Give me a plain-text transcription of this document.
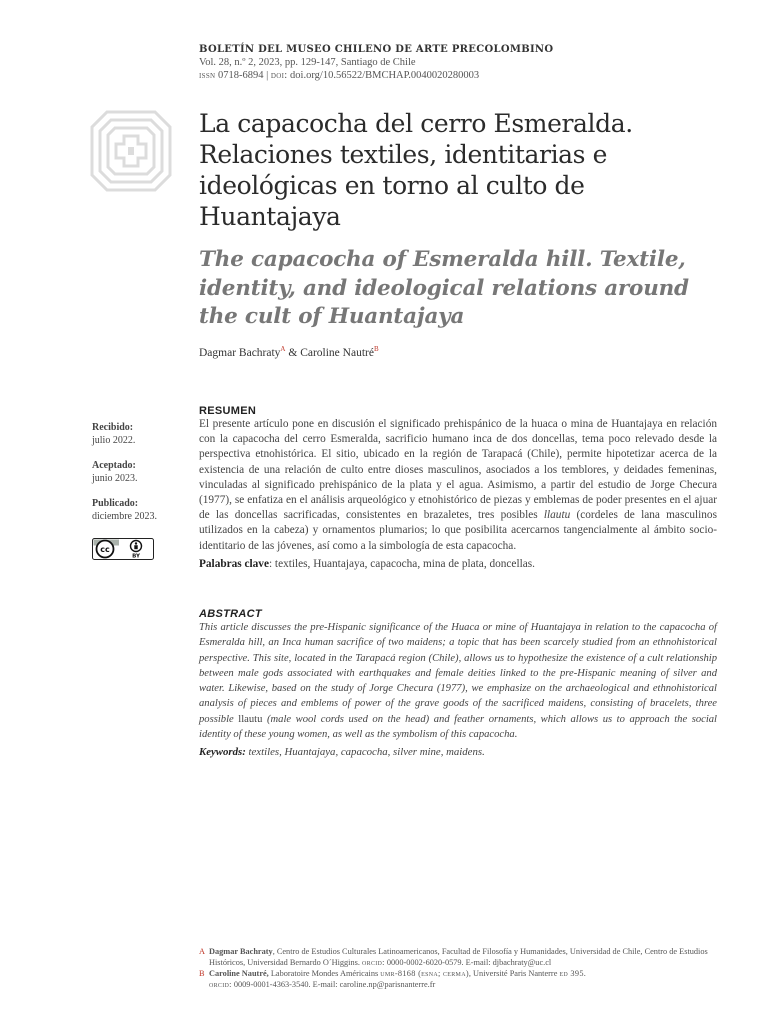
BOLETÍN DEL MUSEO CHILENO DE ARTE PRECOLOMBINO
Vol. 28, n.º 2, 2023, pp. 129-147, Santiago de Chile
issn 0718-6894 | doi: doi.org/10.56522/BMCHAP.0040020280003
La capacocha del cerro Esmeralda. Relaciones textiles, identitarias e ideológicas en torno al culto de Huantajaya
The capacocha of Esmeralda hill. Textile, identity, and ideological relations around the cult of Huantajaya
Dagmar Bachraty$^A$ & Caroline Nautré$^B$
Recibido:
julio 2022.
Aceptado:
junio 2023.
Publicado:
diciembre 2023.
cc
BY
RESUMEN
El presente artículo pone en discusión el significado prehispánico de la huaca o mina de Huantajaya en relación con la capacocha del cerro Esmeralda, sacrificio humano inca de dos doncellas, tema poco relevado desde la perspectiva etnohistórica. El sitio, ubicado en la región de Tarapacá (Chile), permite hipotetizar acerca de la existencia de una relación de culto entre dioses masculinos, asociados a los temblores, y deidades femeninas, vinculadas al significado prehispánico de la plata y el agua. Asimismo, a partir del estudio de Jorge Checura (1977), se enfatiza en el análisis arqueológico y etnohistórico de piezas y emblemas de poder presentes en el ajuar de las doncellas sacrificadas, consistentes en brazaletes, tres posibles llautu (cordeles de lana masculinos utilizados en la cabeza) y ornamentos plumarios; lo que posibilita acercarnos tangencialmente al ámbito socio-identitario de las jóvenes, así como a la simbología de esta capacocha.
Palabras clave: textiles, Huantajaya, capacocha, mina de plata, doncellas.
ABSTRACT
This article discusses the pre-Hispanic significance of the Huaca or mine of Huantajaya in relation to the capacocha of Esmeralda hill, an Inca human sacrifice of two maidens; a topic that has been scarcely studied from an ethnohistorical perspective. This site, located in the Tarapacá region (Chile), allows us to hypothesize the existence of a cult relationship between male gods associated with earthquakes and female deities linked to the pre-Hispanic meaning of silver and water. Likewise, based on the study of Jorge Checura (1977), we emphasize on the archaeological and ethnohistorical analysis of pieces and emblems of power of the grave goods of the sacrificed maidens, consisting of bracelets, three possible llautu (male wool cords used on the head) and feather ornaments, which allows us to approach the social identity of these young women, as well as the symbolism of this capacocha.
Keywords: textiles, Huantajaya, capacocha, silver mine, maidens.
A Dagmar Bachraty, Centro de Estudios Culturales Latinoamericanos, Facultad de Filosofía y Humanidades, Universidad de Chile, Centro de Estudios Históricos, Universidad Bernardo O´Higgins. orcid: 0000-0002-6020-0579. E-mail: djbachraty@uc.cl
B Caroline Nautré, Laboratoire Mondes Américains umr-8168 (esna; cerma), Université Paris Nanterre ed 395.
orcid: 0009-0001-4363-3540. E-mail: caroline.np@parisnanterre.fr
